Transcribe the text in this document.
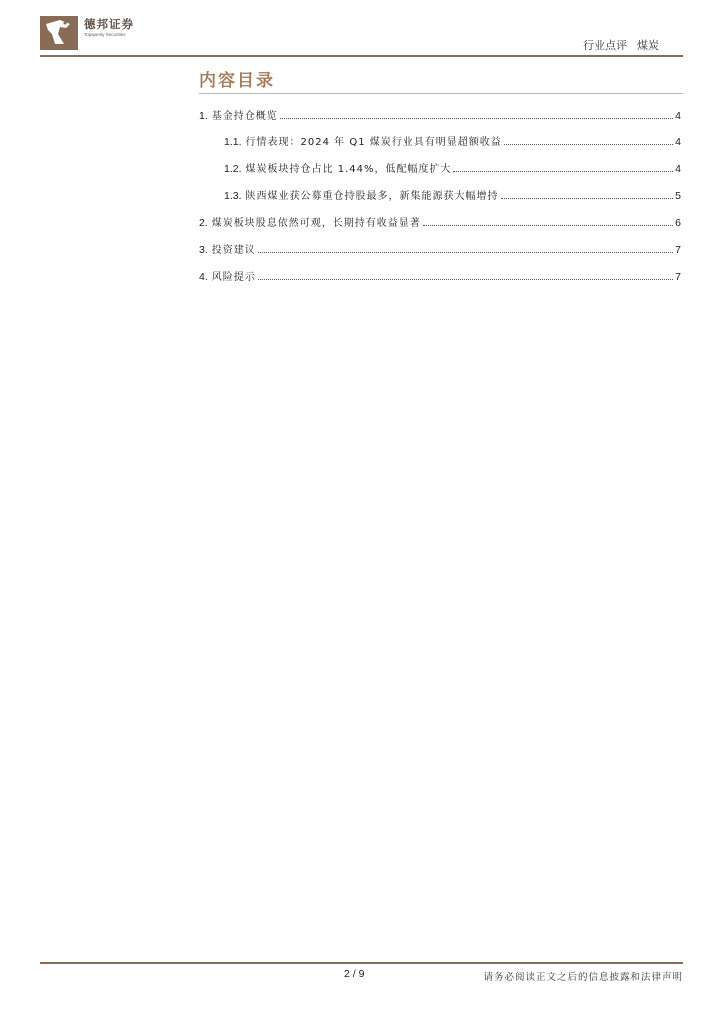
德邦证券
Topsperity Securities
行业点评 煤炭
内容目录
1. 基金持仓概览	4
1.1. 行情表现：2024 年 Q1 煤炭行业具有明显超额收益	4
1.2. 煤炭板块持仓占比 1.44%，低配幅度扩大	4
1.3. 陕西煤业获公募重仓持股最多，新集能源获大幅增持	5
2. 煤炭板块股息依然可观，长期持有收益显著	6
3. 投资建议	7
4. 风险提示	7
2 / 9	请务必阅读正文之后的信息披露和法律声明
